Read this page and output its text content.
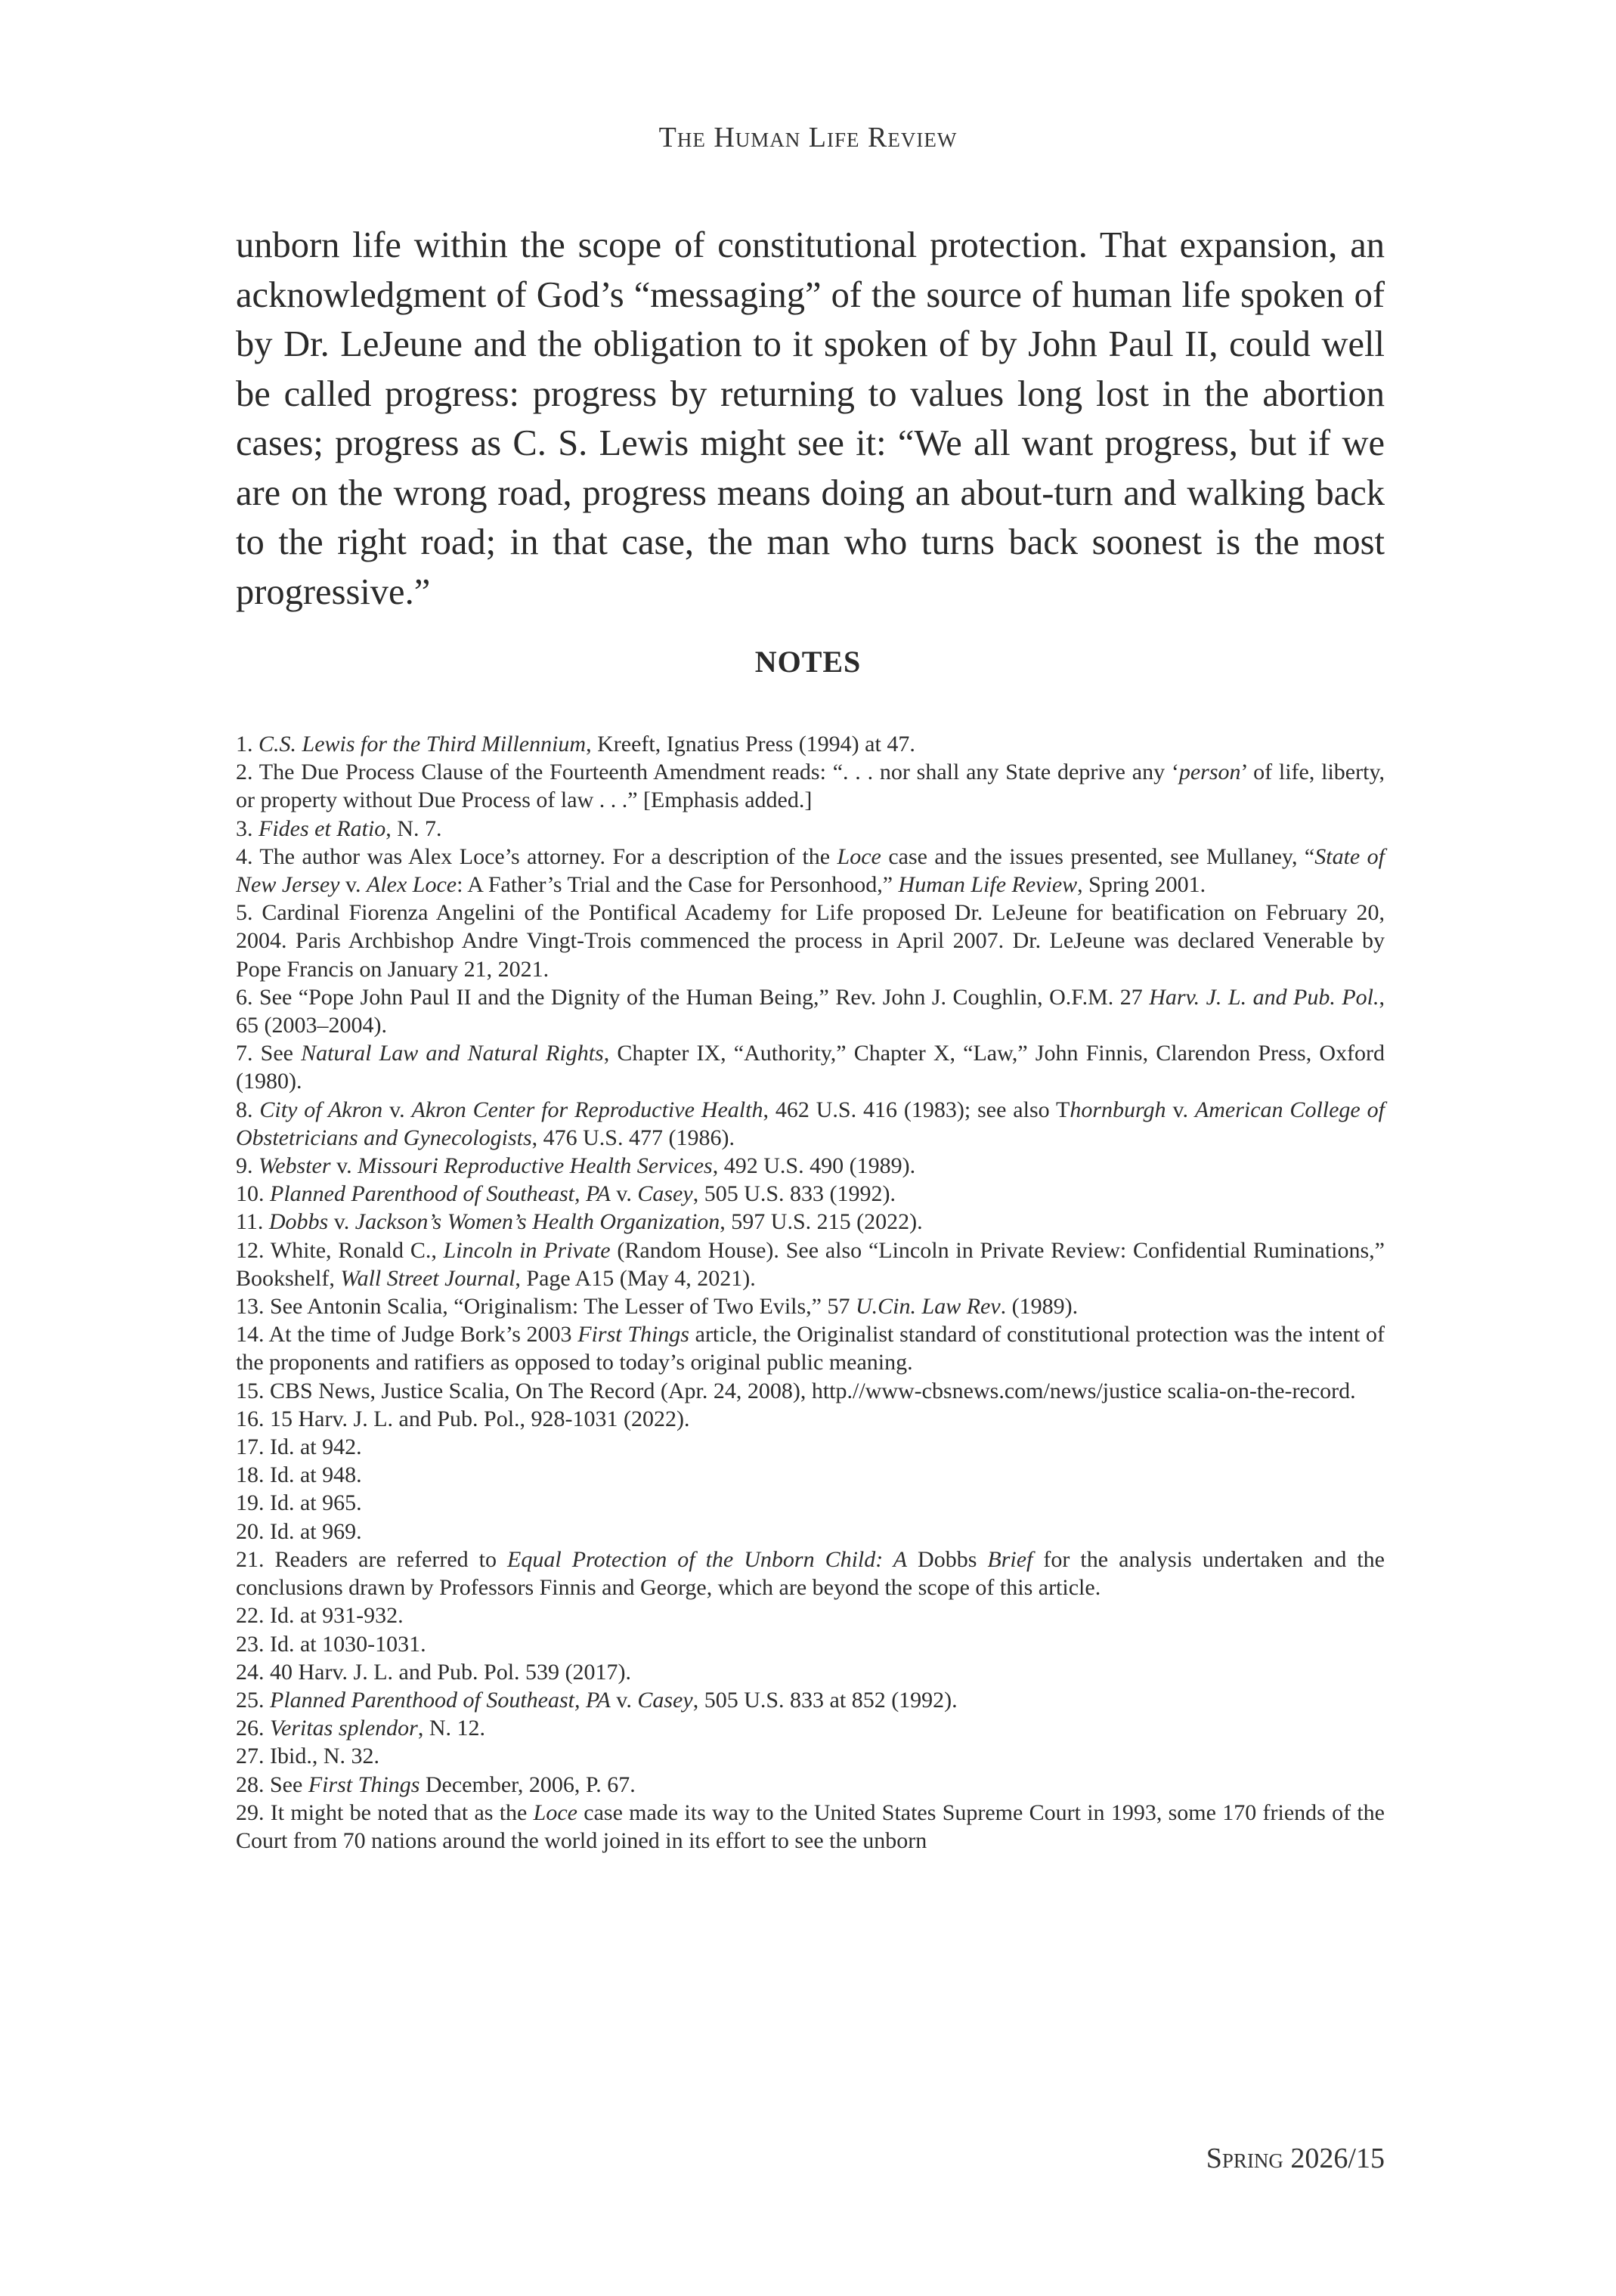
The Human Life Review

unborn life within the scope of constitutional protection. That expansion, an acknowledgment of God’s “messaging” of the source of human life spoken of by Dr. LeJeune and the obligation to it spoken of by John Paul II, could well be called progress: progress by returning to values long lost in the abortion cases; progress as C. S. Lewis might see it: “We all want progress, but if we are on the wrong road, progress means doing an about-turn and walking back to the right road; in that case, the man who turns back soonest is the most progressive.”

NOTES
1. C.S. Lewis for the Third Millennium, Kreeft, Ignatius Press (1994) at 47.
2. The Due Process Clause of the Fourteenth Amendment reads: “. . . nor shall any State deprive any ‘person’ of life, liberty, or property without Due Process of law . . .” [Emphasis added.]
3. Fides et Ratio, N. 7.
4. The author was Alex Loce’s attorney. For a description of the Loce case and the issues presented, see Mullaney, “State of New Jersey v. Alex Loce: A Father’s Trial and the Case for Personhood,” Human Life Review, Spring 2001.
5. Cardinal Fiorenza Angelini of the Pontifical Academy for Life proposed Dr. LeJeune for beatification on February 20, 2004. Paris Archbishop Andre Vingt-Trois commenced the process in April 2007. Dr. LeJeune was declared Venerable by Pope Francis on January 21, 2021.
6. See “Pope John Paul II and the Dignity of the Human Being,” Rev. John J. Coughlin, O.F.M. 27 Harv. J. L. and Pub. Pol., 65 (2003–2004).
7. See Natural Law and Natural Rights, Chapter IX, “Authority,” Chapter X, “Law,” John Finnis, Clarendon Press, Oxford (1980).
8. City of Akron v. Akron Center for Reproductive Health, 462 U.S. 416 (1983); see also Thornburgh v. American College of Obstetricians and Gynecologists, 476 U.S. 477 (1986).
9. Webster v. Missouri Reproductive Health Services, 492 U.S. 490 (1989).
10. Planned Parenthood of Southeast, PA v. Casey, 505 U.S. 833 (1992).
11. Dobbs v. Jackson’s Women’s Health Organization, 597 U.S. 215 (2022).
12. White, Ronald C., Lincoln in Private (Random House). See also “Lincoln in Private Review: Confidential Ruminations,” Bookshelf, Wall Street Journal, Page A15 (May 4, 2021).
13. See Antonin Scalia, “Originalism: The Lesser of Two Evils,” 57 U.Cin. Law Rev. (1989).
14. At the time of Judge Bork’s 2003 First Things article, the Originalist standard of constitutional protection was the intent of the proponents and ratifiers as opposed to today’s original public meaning.
15. CBS News, Justice Scalia, On The Record (Apr. 24, 2008), http.//www-cbsnews.com/news/justice scalia-on-the-record.
16. 15 Harv. J. L. and Pub. Pol., 928-1031 (2022).
17. Id. at 942.
18. Id. at 948.
19. Id. at 965.
20. Id. at 969.
21. Readers are referred to Equal Protection of the Unborn Child: A Dobbs Brief for the analysis undertaken and the conclusions drawn by Professors Finnis and George, which are beyond the scope of this article.
22. Id. at 931-932.
23. Id. at 1030-1031.
24. 40 Harv. J. L. and Pub. Pol. 539 (2017).
25. Planned Parenthood of Southeast, PA v. Casey, 505 U.S. 833 at 852 (1992).
26. Veritas splendor, N. 12.
27. Ibid., N. 32.
28. See First Things December, 2006, P. 67.
29. It might be noted that as the Loce case made its way to the United States Supreme Court in 1993, some 170 friends of the Court from 70 nations around the world joined in its effort to see the unborn
Spring 2026/15
